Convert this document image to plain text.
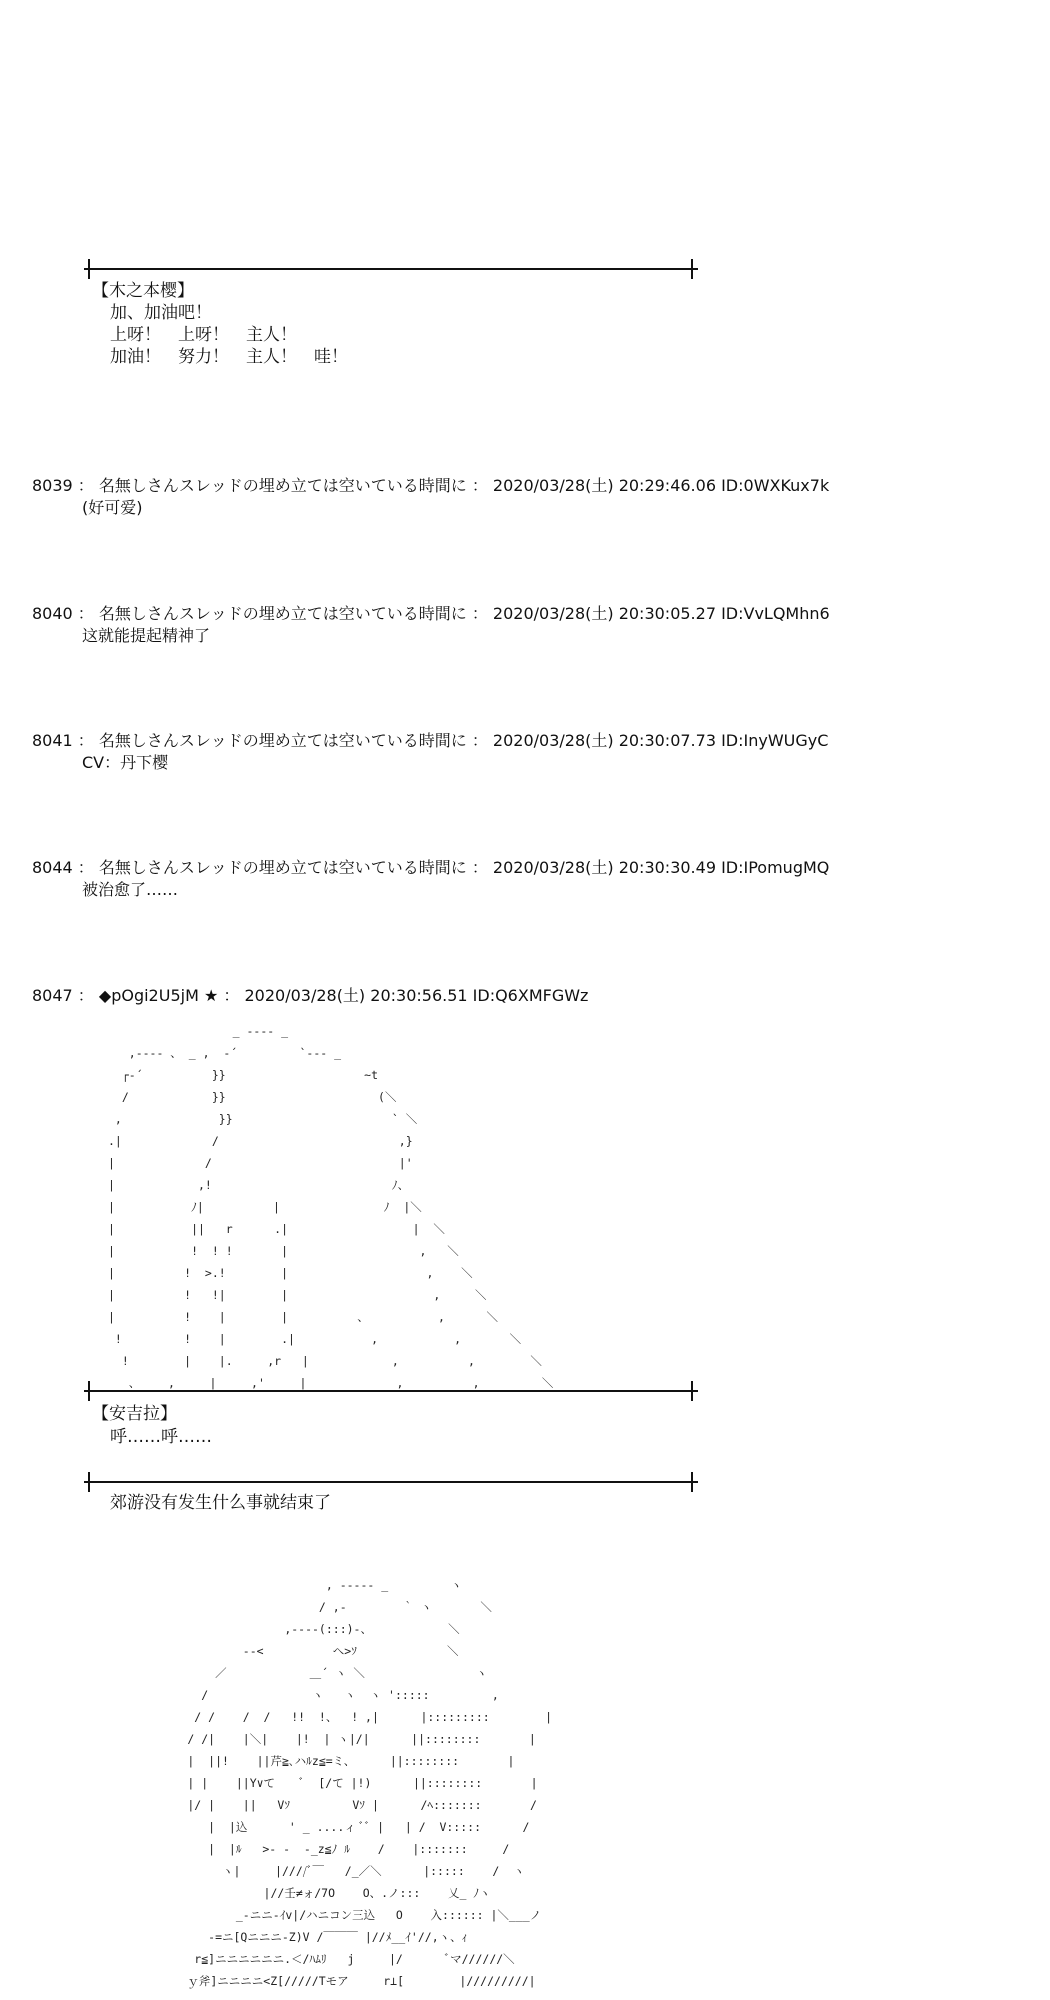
【木之本樱】
加、加油吧！
上呀！　上呀！　主人！
加油！　努力！　主人！　哇！
8039 ： 名無しさんスレッドの埋め立ては空いている時間に ： 2020/03/28(土) 20:29:46.06 ID:0WXKux7k
(好可爱)
8040 ： 名無しさんスレッドの埋め立ては空いている時間に ： 2020/03/28(土) 20:30:05.27 ID:VvLQMhn6
这就能提起精神了
8041 ： 名無しさんスレッドの埋め立ては空いている時間に ： 2020/03/28(土) 20:30:07.73 ID:InyWUGyC
CV：丹下樱
8044 ： 名無しさんスレッドの埋め立ては空いている時間に ： 2020/03/28(土) 20:30:30.49 ID:IPomugMQ
被治愈了……
8047 ： ◆pOgi2U5jM ★ ： 2020/03/28(土) 20:30:56.51 ID:Q6XMFGWz
_ -‐‐- _
,-‐-‐ 、 _ ,  ‐´         `‐‐- _
┌‐´          }}                    ~t
/            }}                      (＼
,              }}                       ` ＼
.|             /                          ,}
|             /                           |'
|            ,!                          ﾉ、
|           ﾉ|          |               ﾉ  |＼
|           ||   r      .|                  |  ＼
|           !  ! !       |                   ,   ＼
|          !  >.!        |                    ,    ＼
|          !   !|        |                     ,     ＼
|          !    |        |          、          ,      ＼
!         !    |        .|           ,           ,       ＼
!        |    |.     ,r   |            ,          ,        ＼
、    ,     |     ,'     |             ,          ,         ＼
【安吉拉】
呼……呼……
郊游没有发生什么事就结束了
, ‐‐‐‐‐ _         ヽ
/ ,-        ｀ ヽ       ＼
,-‐‐‐(:::)-、           ＼
--<          へ>ｿ             ＼
／            ＿´ ヽ ＼                ヽ
/               ヽ   ヽ  ヽ ':::::         ,
/ /    /  /   !!  !、  ! ,|      |:::::::::        |
/ /|    |＼|    |!  | ヽ|/|      ||::::::::       |
|  ||!    ||芹≧､ハﾙz≦=ミ、     ||::::::::       |
| |    ||Y∨て    ﾞ  [/て |!)      ||::::::::       |
|/ |    ||   Vｿ         Vｿ |      /ﾍ:::::::       /
|  |込      ' _ ....ィ ﾞﾞ |   | /  V:::::      /
|  |ﾙ   >‐ -  ‐_z≦ﾉ ﾙ    /    |:::::::     /
ヽ|     |////ﾞ￣   /_／＼      |:::::    /  ヽ
|//壬≠ォ/7O    O、.ノ:::    乂_ ﾉヽ
_-ニニ-ｲv|/ハニコン三込   O    入:::::: |＼___ノ
-=ニ[Qニニニ-Z)V /￣￣￣ |//ﾒ__ｲ'//,ヽ、ｨ
r≦]ニニニニニニ.＜/ﾊﾑﾘ   j     |/      ﾞマ//////＼
ｙ斧]ニニニニ<Z[/////Tモア     r⊥[        |/////////|
